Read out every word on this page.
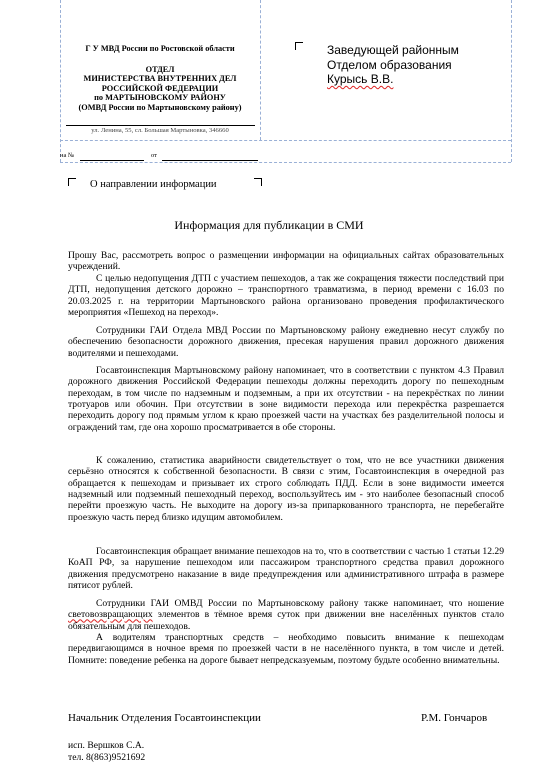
Г У МВД России по Ростовской области
ОТДЕЛ
МИНИСТЕРСТВА ВНУТРЕННИХ ДЕЛ
РОССИЙСКОЙ ФЕДЕРАЦИИ
по МАРТЫНОВСКОМУ РАЙОНУ
(ОМВД России по Мартыновскому району)
ул. Ленина, 55, сл. Большая Мартыновка, 346660
на №	от
Заведующей районным
Отделом образования
Курысь В.В.
О направлении информации
Информация для публикации в СМИ

Прошу Вас, рассмотреть вопрос о размещении информации на официальных сайтах образовательных учреждений.

С целью недопущения ДТП с участием пешеходов, а так же сокращения тяжести последствий при ДТП, недопущения детского дорожно – транспортного травматизма, в период времени с 16.03 по 20.03.2025 г. на территории Мартыновского района организовано проведения профилактического мероприятия «Пешеход на переход».

Сотрудники ГАИ Отдела МВД России по Мартыновскому району ежедневно несут службу по обеспечению безопасности дорожного движения, пресекая нарушения правил дорожного движения водителями и пешеходами.

Госавтоинспекция Мартыновскому району напоминает, что в соответствии с пунктом 4.3 Правил дорожного движения Российской Федерации пешеходы должны переходить дорогу по пешеходным переходам, в том числе по надземным и подземным, а при их отсутствии - на перекрёстках по линии тротуаров или обочин. При отсутствии в зоне видимости перехода или перекрёстка разрешается переходить дорогу под прямым углом к краю проезжей части на участках без разделительной полосы и ограждений там, где она хорошо просматривается в обе стороны.

К сожалению, статистика аварийности свидетельствует о том, что не все участники движения серьёзно относятся к собственной безопасности. В связи с этим, Госавтоинспекция в очередной раз обращается к пешеходам и призывает их строго соблюдать ПДД. Если в зоне видимости имеется надземный или подземный пешеходный переход, воспользуйтесь им - это наиболее безопасный способ перейти проезжую часть. Не выходите на дорогу из-за припаркованного транспорта, не перебегайте проезжую часть перед близко идущим автомобилем.

Госавтоинспекция обращает внимание пешеходов на то, что в соответствии с частью 1 статьи 12.29 КоАП РФ, за нарушение пешеходом или пассажиром транспортного средства правил дорожного движения предусмотрено наказание в виде предупреждения или административного штрафа в размере пятисот рублей.

Сотрудники ГАИ ОМВД России по Мартыновскому району также напоминает, что ношение световозвращающих элементов в тёмное время суток при движении вне населённых пунктов стало обязательным для пешеходов.

А водителям транспортных средств – необходимо повысить внимание к пешеходам передвигающимся в ночное время по проезжей части в не населённого пункта, в том числе и детей. Помните: поведение ребенка на дороге бывает непредсказуемым, поэтому будьте особенно внимательны.

Начальник Отделения Госавтоинспекции	Р.М. Гончаров
исп. Вершков С.А.
тел. 8(863)9521692
